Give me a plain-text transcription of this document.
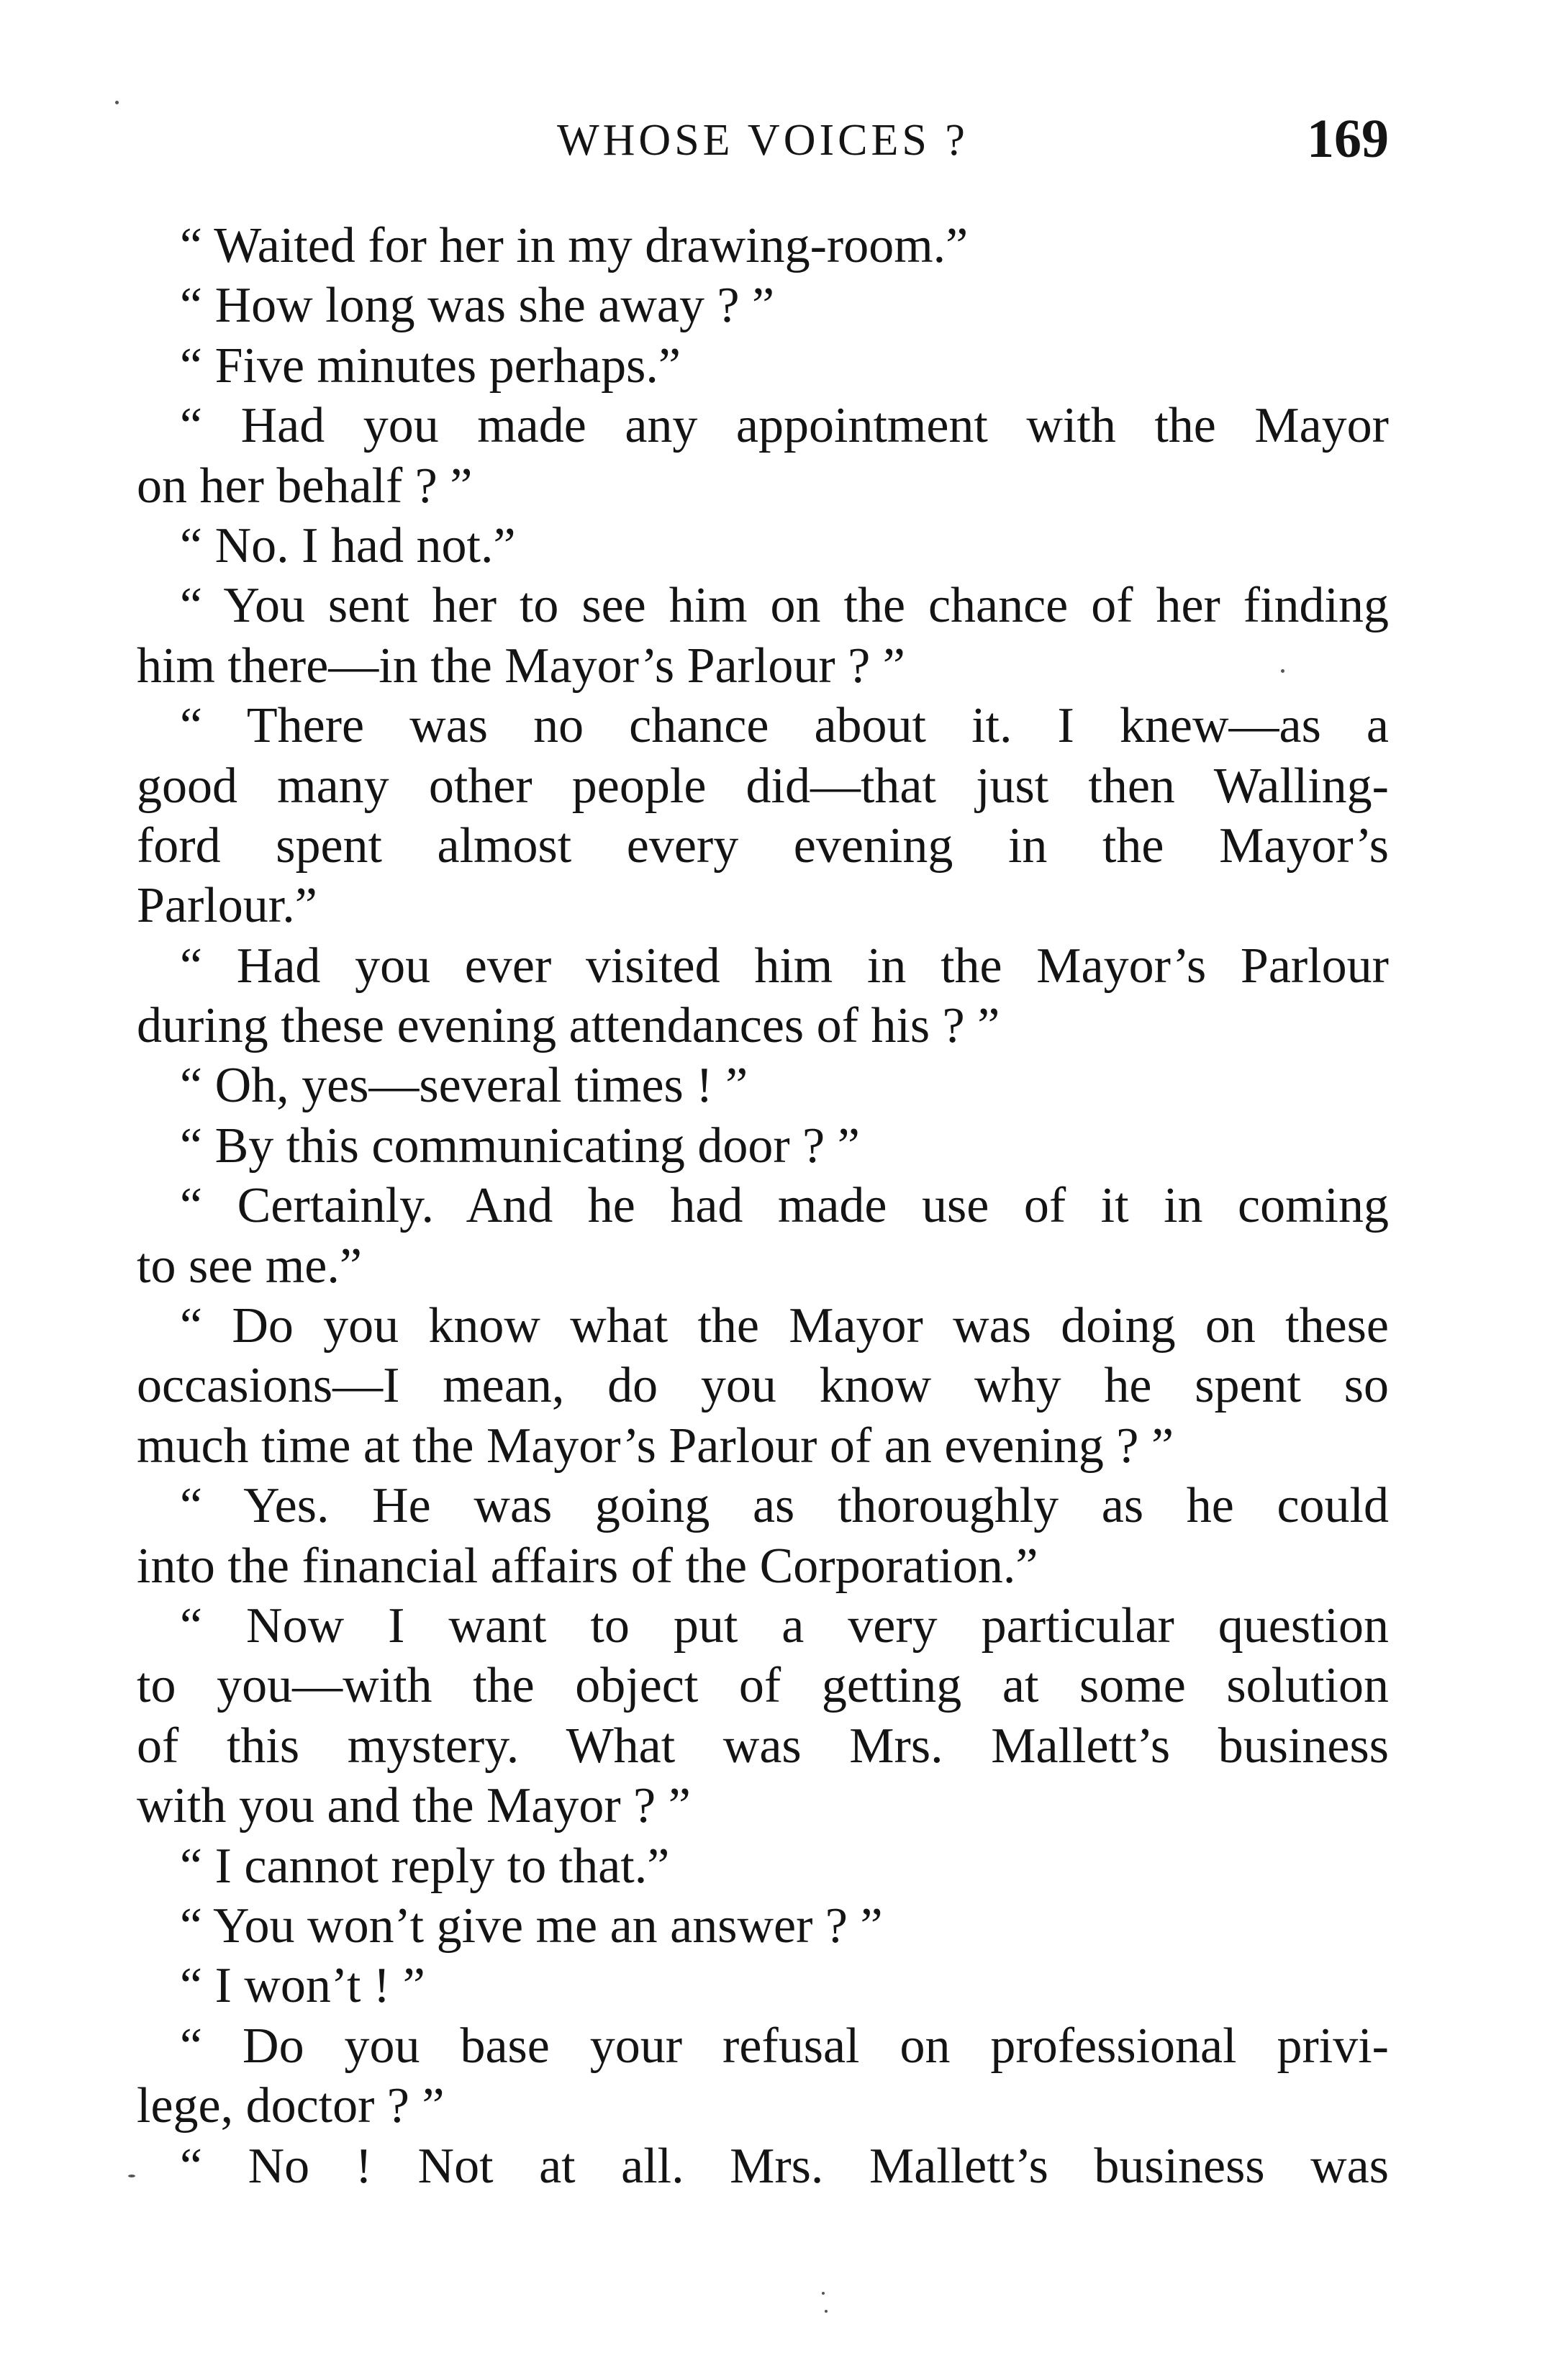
WHOSE VOICES ?	169
“ Waited for her in my drawing-room.”
“ How long was she away ? ”
“ Five minutes perhaps.”
“ Had you made any appointment with the Mayor
on her behalf ? ”
“ No. I had not.”
“ You sent her to see him on the chance of her finding
him there—in the Mayor’s Parlour ? ”
“ There was no chance about it. I knew—as a
good many other people did—that just then Walling-
ford spent almost every evening in the Mayor’s
Parlour.”
“ Had you ever visited him in the Mayor’s Parlour
during these evening attendances of his ? ”
“ Oh, yes—several times ! ”
“ By this communicating door ? ”
“ Certainly. And he had made use of it in coming
to see me.”
“ Do you know what the Mayor was doing on these
occasions—I mean, do you know why he spent so
much time at the Mayor’s Parlour of an evening ? ”
“ Yes. He was going as thoroughly as he could
into the financial affairs of the Corporation.”
“ Now I want to put a very particular question
to you—with the object of getting at some solution
of this mystery. What was Mrs. Mallett’s business
with you and the Mayor ? ”
“ I cannot reply to that.”
“ You won’t give me an answer ? ”
“ I won’t ! ”
“ Do you base your refusal on professional privi-
lege, doctor ? ”
“ No ! Not at all. Mrs. Mallett’s business was
